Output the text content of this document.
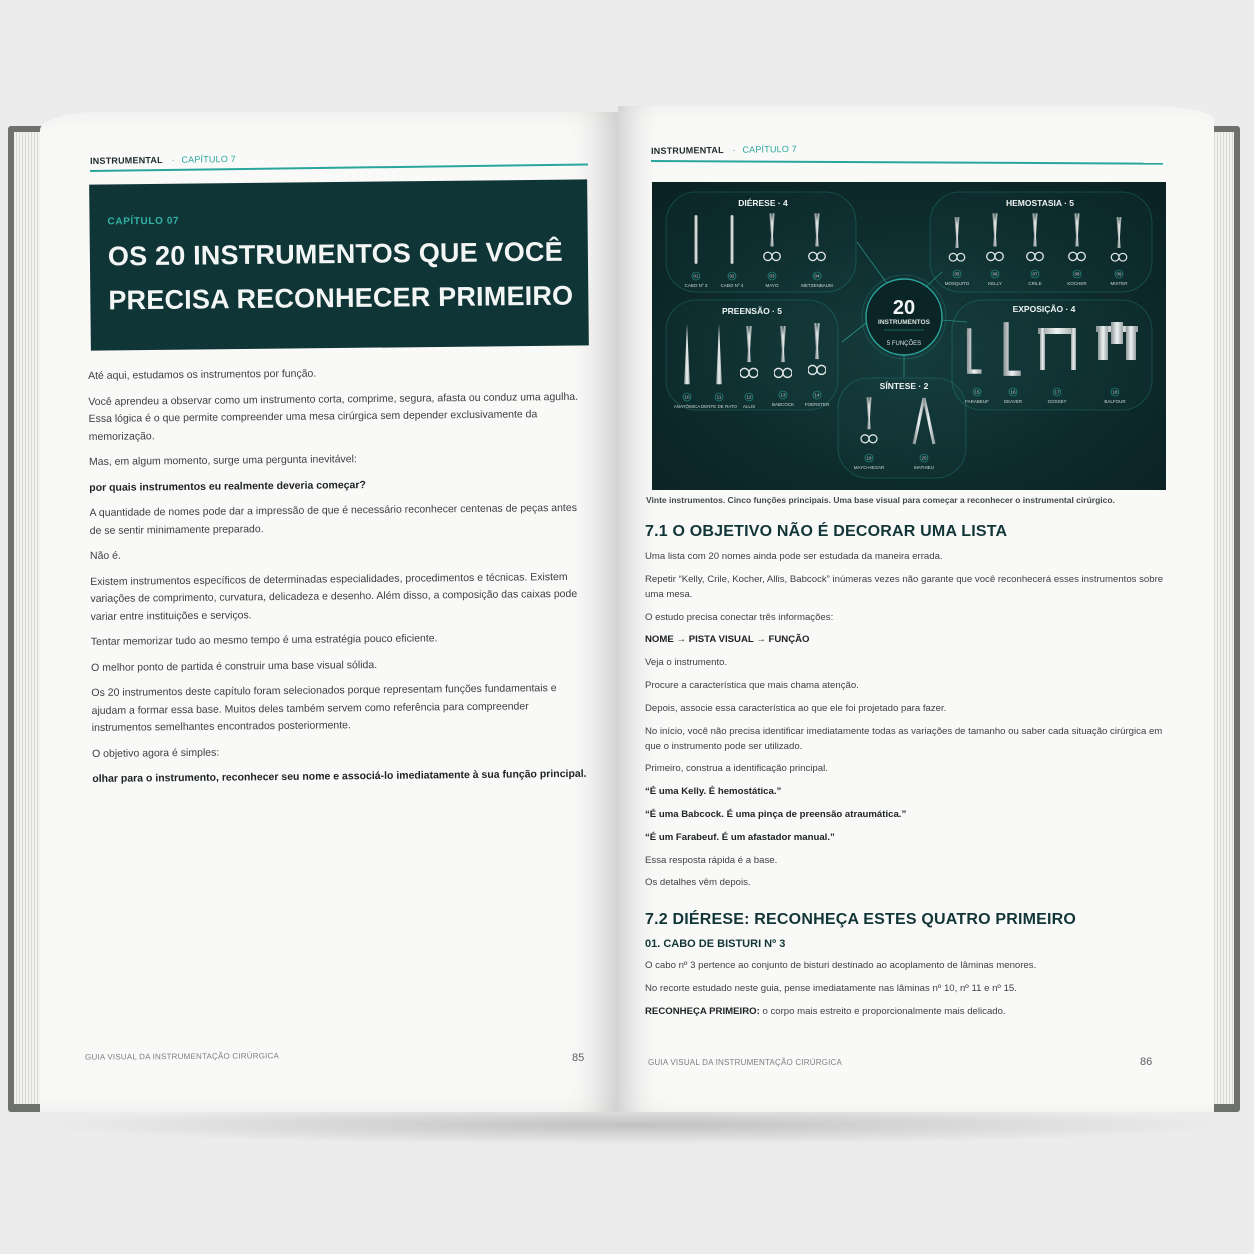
INSTRUMENTAL · CAPÍTULO 7
CAPÍTULO 07
OS 20 INSTRUMENTOS QUE VOCÊ
PRECISA RECONHECER PRIMEIRO

Até aqui, estudamos os instrumentos por função.

Você aprendeu a observar como um instrumento corta, comprime, segura, afasta ou conduz uma agulha. Essa lógica é o que permite compreender uma mesa cirúrgica sem depender exclusivamente da memorização.

Mas, em algum momento, surge uma pergunta inevitável:

por quais instrumentos eu realmente deveria começar?

A quantidade de nomes pode dar a impressão de que é necessário reconhecer centenas de peças antes de se sentir minimamente preparado.

Não é.

Existem instrumentos específicos de determinadas especialidades, procedimentos e técnicas. Existem variações de comprimento, curvatura, delicadeza e desenho. Além disso, a composição das caixas pode variar entre instituições e serviços.

Tentar memorizar tudo ao mesmo tempo é uma estratégia pouco eficiente.

O melhor ponto de partida é construir uma base visual sólida.

Os 20 instrumentos deste capítulo foram selecionados porque representam funções fundamentais e ajudam a formar essa base. Muitos deles também servem como referência para compreender instrumentos semelhantes encontrados posteriormente.

O objetivo agora é simples:

olhar para o instrumento, reconhecer seu nome e associá-lo imediatamente à sua função principal.

GUIA VISUAL DA INSTRUMENTAÇÃO CIRÚRGICA	85
INSTRUMENTAL · CAPÍTULO 7
20
INSTRUMENTOS
5 FUNÇÕES
DIÉRESE · 4
01
CABO Nº 3
02
CABO Nº 4
03
MAYO
04
METZENBAUM
HEMOSTASIA · 5
05
MOSQUITO
06
KELLY
07
CRILE
08
KOCHER
09
MIXTER
PREENSÃO · 5
10
ANATÔMICA
11
DENTE DE RATO
12
ALLIS
13
BABCOCK
14
FOERSTER
EXPOSIÇÃO · 4
15
FARABEUF
16
DEAVER
17
GOSSET
18
BALFOUR
SÍNTESE · 2
19
MAYO-HEGAR
20
MATHIEU
Vinte instrumentos. Cinco funções principais. Uma base visual para começar a reconhecer o instrumental cirúrgico.
7.1 O OBJETIVO NÃO É DECORAR UMA LISTA

Uma lista com 20 nomes ainda pode ser estudada da maneira errada.

Repetir “Kelly, Crile, Kocher, Allis, Babcock” inúmeras vezes não garante que você reconhecerá esses instrumentos sobre uma mesa.

O estudo precisa conectar três informações:

NOME → PISTA VISUAL → FUNÇÃO

Veja o instrumento.

Procure a característica que mais chama atenção.

Depois, associe essa característica ao que ele foi projetado para fazer.

No início, você não precisa identificar imediatamente todas as variações de tamanho ou saber cada situação cirúrgica em que o instrumento pode ser utilizado.

Primeiro, construa a identificação principal.

“É uma Kelly. É hemostática.”

“É uma Babcock. É uma pinça de preensão atraumática.”

“É um Farabeuf. É um afastador manual.”

Essa resposta rápida é a base.

Os detalhes vêm depois.

7.2 DIÉRESE: RECONHEÇA ESTES QUATRO PRIMEIRO
01. CABO DE BISTURI Nº 3

O cabo nº 3 pertence ao conjunto de bisturi destinado ao acoplamento de lâminas menores.

No recorte estudado neste guia, pense imediatamente nas lâminas nº 10, nº 11 e nº 15.

RECONHEÇA PRIMEIRO: o corpo mais estreito e proporcionalmente mais delicado.

GUIA VISUAL DA INSTRUMENTAÇÃO CIRÚRGICA	86
